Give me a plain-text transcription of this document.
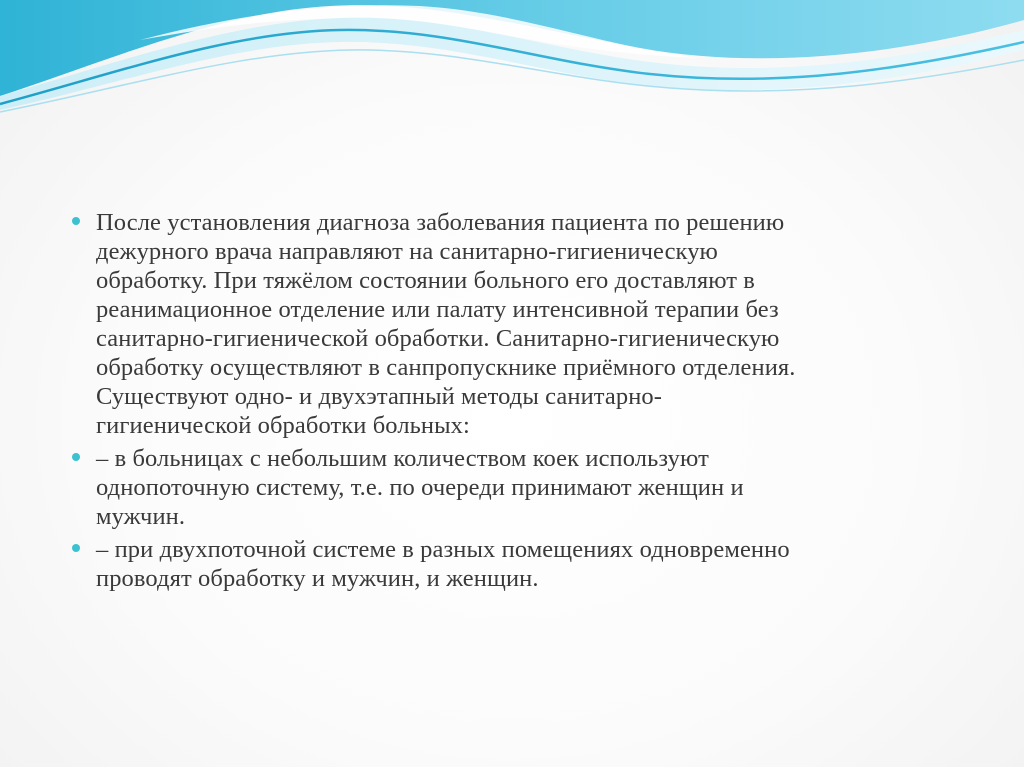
После установления диагноза заболевания пациента по решению
дежурного врача направляют на санитарно-гигиеническую
обработку. При тяжёлом состоянии больного его доставляют в
реанимационное отделение или палату интенсивной терапии без
санитарно-гигиенической обработки. Санитарно-гигиеническую
обработку осуществляют в санпропускнике приёмного отделения.
Существуют одно- и двухэтапный методы санитарно-
гигиенической обработки больных:
– в больницах с небольшим количеством коек используют
однопоточную систему, т.е. по очереди принимают женщин и
мужчин.
– при двухпоточной системе в разных помещениях одновременно
проводят обработку и мужчин, и женщин.
